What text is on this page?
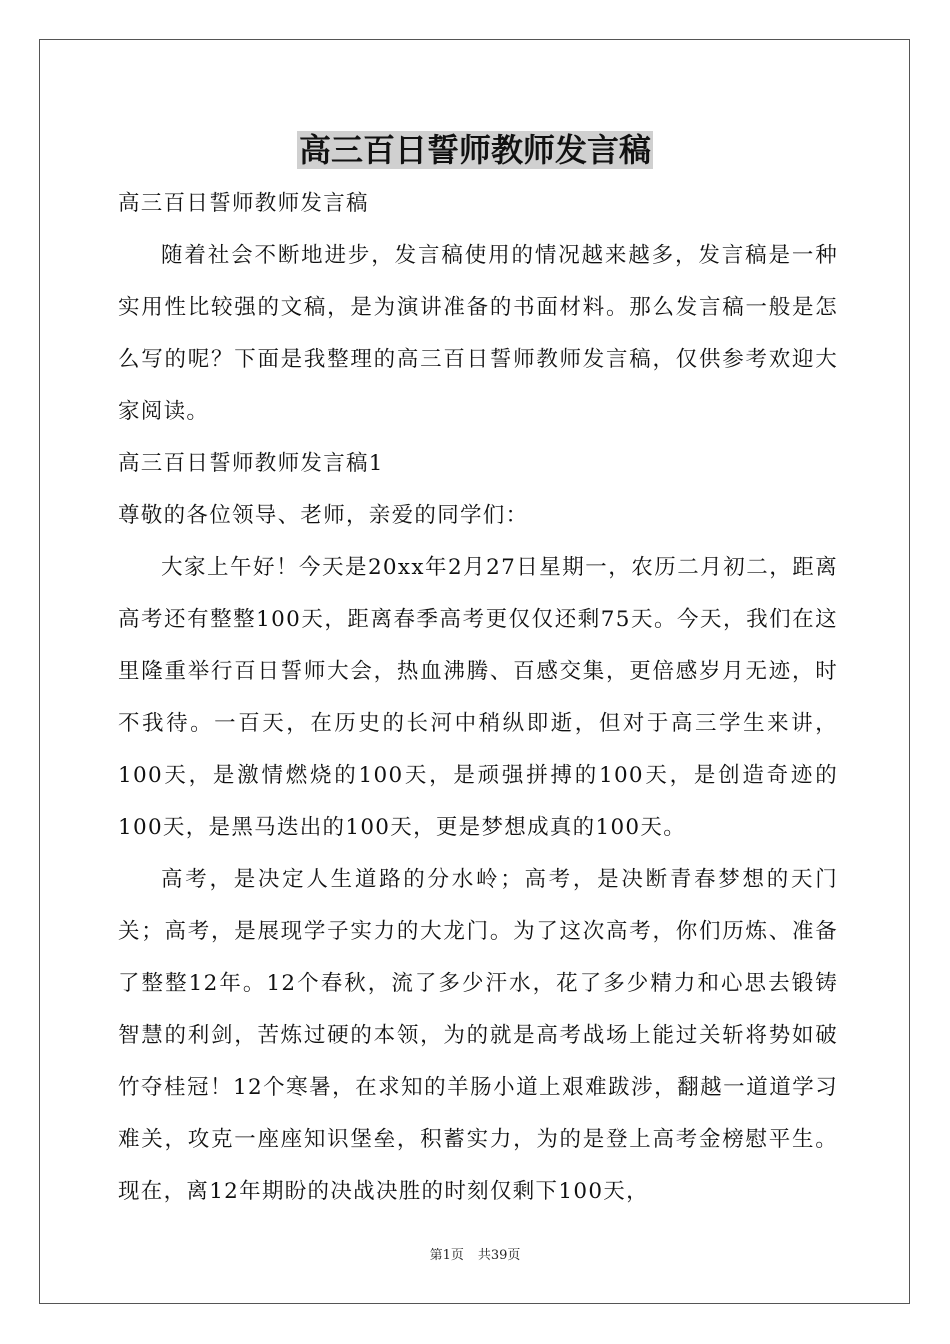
高三百日誓师教师发言稿

高三百日誓师教师发言稿

随着社会不断地进步，发言稿使用的情况越来越多，发言稿是一种实用性比较强的文稿，是为演讲准备的书面材料。那么发言稿一般是怎么写的呢？下面是我整理的高三百日誓师教师发言稿，仅供参考欢迎大家阅读。

高三百日誓师教师发言稿1

尊敬的各位领导、老师，亲爱的同学们：

大家上午好！今天是20xx年2月27日星期一，农历二月初二，距离高考还有整整100天，距离春季高考更仅仅还剩75天。今天，我们在这里隆重举行百日誓师大会，热血沸腾、百感交集，更倍感岁月无迹，时不我待。一百天，在历史的长河中稍纵即逝，但对于高三学生来讲，100天，是激情燃烧的100天，是顽强拼搏的100天，是创造奇迹的100天，是黑马迭出的100天，更是梦想成真的100天。

高考，是决定人生道路的分水岭；高考，是决断青春梦想的天门关；高考，是展现学子实力的大龙门。为了这次高考，你们历炼、准备了整整12年。12个春秋，流了多少汗水，花了多少精力和心思去锻铸智慧的利剑，苦炼过硬的本领，为的就是高考战场上能过关斩将势如破竹夺桂冠！12个寒暑，在求知的羊肠小道上艰难跋涉，翻越一道道学习难关，攻克一座座知识堡垒，积蓄实力，为的是登上高考金榜慰平生。现在，离12年期盼的决战决胜的时刻仅剩下100天，

第1页 共39页
